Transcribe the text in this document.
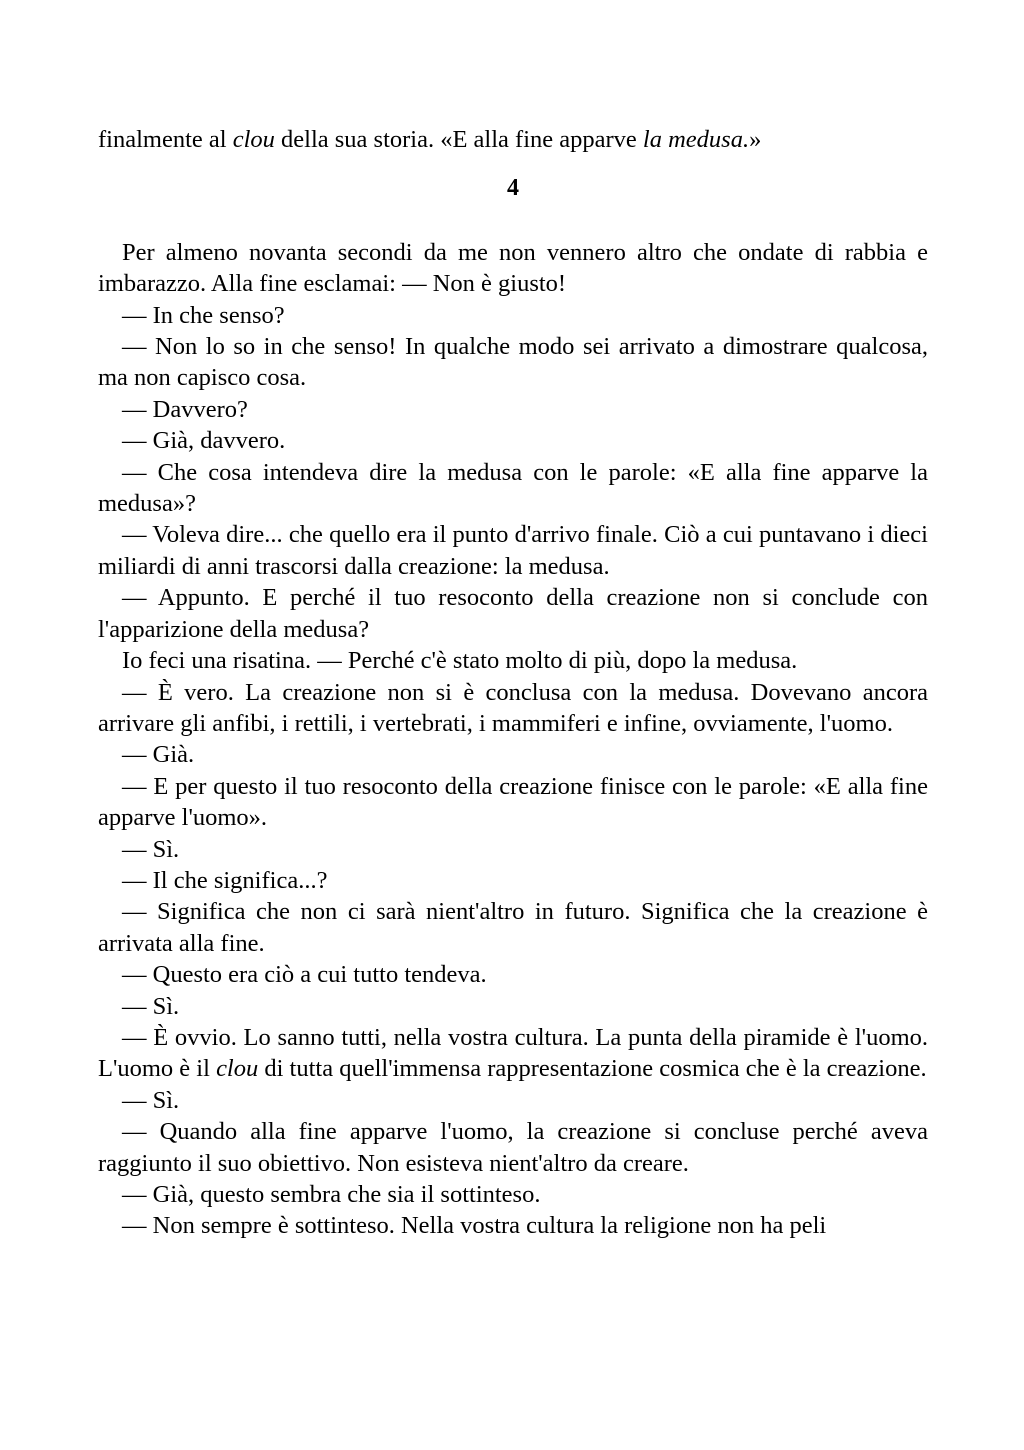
finalmente al clou della sua storia. «E alla fine apparve la medusa.»

4

Per almeno novanta secondi da me non vennero altro che ondate di rabbia e imbarazzo. Alla fine esclamai: — Non è giusto!

— In che senso?

— Non lo so in che senso! In qualche modo sei arrivato a dimostrare qualcosa, ma non capisco cosa.

— Davvero?

— Già, davvero.

— Che cosa intendeva dire la medusa con le parole: «E alla fine apparve la medusa»?

— Voleva dire... che quello era il punto d'arrivo finale. Ciò a cui puntavano i dieci miliardi di anni trascorsi dalla creazione: la medusa.

— Appunto. E perché il tuo resoconto della creazione non si conclude con l'apparizione della medusa?

Io feci una risatina. — Perché c'è stato molto di più, dopo la medusa.

— È vero. La creazione non si è conclusa con la medusa. Dovevano ancora arrivare gli anfibi, i rettili, i vertebrati, i mammiferi e infine, ovviamente, l'uomo.

— Già.

— E per questo il tuo resoconto della creazione finisce con le parole: «E alla fine apparve l'uomo».

— Sì.

— Il che significa...?

— Significa che non ci sarà nient'altro in futuro. Significa che la creazione è arrivata alla fine.

— Questo era ciò a cui tutto tendeva.

— Sì.

— È ovvio. Lo sanno tutti, nella vostra cultura. La punta della piramide è l'uomo. L'uomo è il clou di tutta quell'immensa rappresentazione cosmica che è la creazione.

— Sì.

— Quando alla fine apparve l'uomo, la creazione si concluse perché aveva raggiunto il suo obiettivo. Non esisteva nient'altro da creare.

— Già, questo sembra che sia il sottinteso.

— Non sempre è sottinteso. Nella vostra cultura la religione non ha peli
